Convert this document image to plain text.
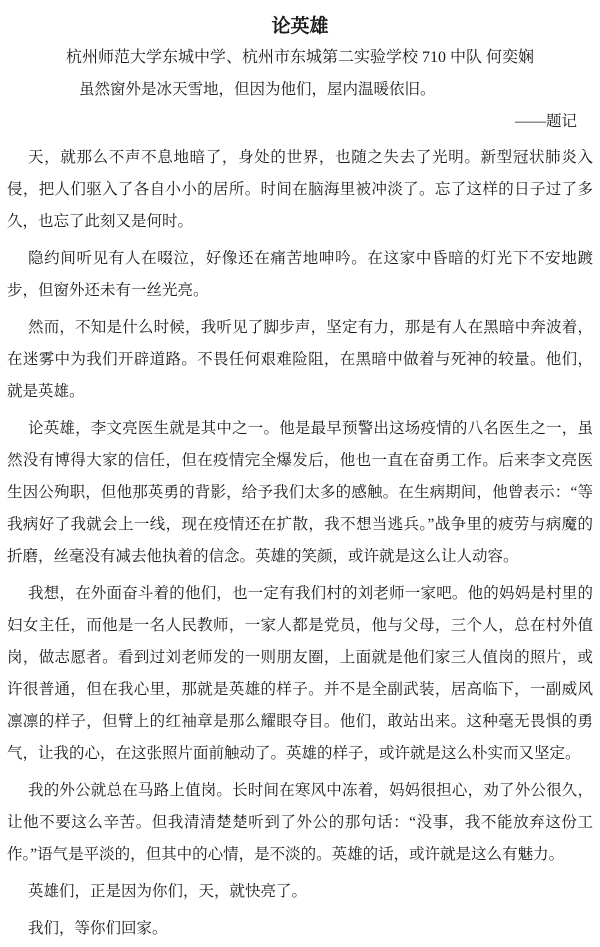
论英雄
杭州师范大学东城中学、杭州市东城第二实验学校 710 中队 何奕娴
虽然窗外是冰天雪地，但因为他们，屋内温暖依旧。
——题记

天，就那么不声不息地暗了，身处的世界，也随之失去了光明。新型冠状肺炎入侵，把人们驱入了各自小小的居所。时间在脑海里被冲淡了。忘了这样的日子过了多久，也忘了此刻又是何时。

隐约间听见有人在啜泣，好像还在痛苦地呻吟。在这家中昏暗的灯光下不安地踱步，但窗外还未有一丝光亮。

然而，不知是什么时候，我听见了脚步声，坚定有力，那是有人在黑暗中奔波着，在迷雾中为我们开辟道路。不畏任何艰难险阻，在黑暗中做着与死神的较量。他们，就是英雄。

论英雄，李文亮医生就是其中之一。他是最早预警出这场疫情的八名医生之一，虽然没有博得大家的信任，但在疫情完全爆发后，他也一直在奋勇工作。后来李文亮医生因公殉职，但他那英勇的背影，给予我们太多的感触。在生病期间，他曾表示：“等我病好了我就会上一线，现在疫情还在扩散，我不想当逃兵。”战争里的疲劳与病魔的折磨，丝毫没有减去他执着的信念。英雄的笑颜，或许就是这么让人动容。

我想，在外面奋斗着的他们，也一定有我们村的刘老师一家吧。他的妈妈是村里的妇女主任，而他是一名人民教师，一家人都是党员，他与父母，三个人，总在村外值岗，做志愿者。看到过刘老师发的一则朋友圈，上面就是他们家三人值岗的照片，或许很普通，但在我心里，那就是英雄的样子。并不是全副武装，居高临下，一副威风凛凛的样子，但臂上的红袖章是那么耀眼夺目。他们，敢站出来。这种毫无畏惧的勇气，让我的心，在这张照片面前触动了。英雄的样子，或许就是这么朴实而又坚定。

我的外公就总在马路上值岗。长时间在寒风中冻着，妈妈很担心，劝了外公很久，让他不要这么辛苦。但我清清楚楚听到了外公的那句话：“没事，我不能放弃这份工作。”语气是平淡的，但其中的心情，是不淡的。英雄的话，或许就是这么有魅力。

英雄们，正是因为你们，天，就快亮了。

我们，等你们回家。
